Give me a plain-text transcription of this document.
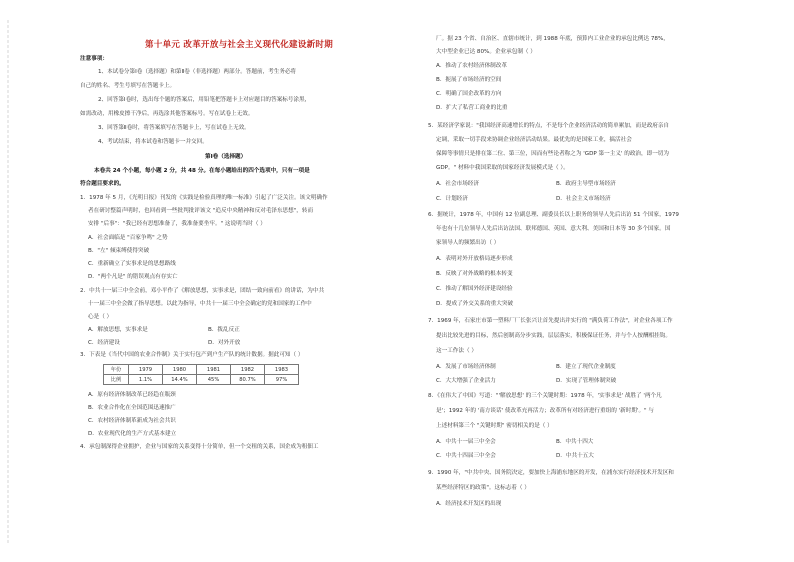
第十单元 改革开放与社会主义现代化建设新时期
注意事项：
1、本试卷分第Ⅰ卷（选择题）和第Ⅱ卷（非选择题）两部分。答题前，考生务必将
自己的姓名、考生号填写在答题卡上。
2、回答第Ⅰ卷时，选出每个题的答案后，用铅笔把答题卡上对应题目的答案标号涂黑，
如需改动，用橡皮擦干净后，再选涂其他答案标号。写在试卷上无效。
3、回答第Ⅱ卷时，将答案填写在答题卡上，写在试卷上无效。
4、考试结束，将本试卷和答题卡一并交回。
第Ⅰ卷（选择题）
本卷共 24 个小题，每小题 2 分，共 48 分。在每小题给出的四个选项中，只有一项是
符合题目要求的。
1．1978 年 5 月，《光明日报》刊发的《实践是检验真理的唯一标准》引起了广泛关注。该文明确作
者在研讨整篇声明时，也回看到一些批判批评该文 "追反中央精神和反对毛泽东思想"，转而
安排 "后事"："我已经有思想准备了，我准备要坐牢。" 这说明当时（ ）
A．社会面临是 "百家争鸣" 之势
B．"左" 倾束缚使得突破
C．重新确立了实事求是的思想路线
D．"两个凡是" 的错误观点有存实亡
2．中共十一届三中全会前，邓小平作了《解放思想，实事求是，团结一致向前看》的讲话，为中共
十一届三中全会做了指导思想。以此为指导，中共十一届三中全会确定的党和国家的工作中
心是（ ）
A．解放思想，实事求是	B．拨乱反正
C．经济建设	D．对外开放
3．下表是《当代中国的农业合作制》关于实行包产到户生产队的统计数据。据此可知（ ）
年份	1979	1980	1981	1982	1983
比例	1.1%	14.4%	45%	80.7%	97%
A．原有经济体制改革已经趋在瓶颈
B．农业合作化在全国范围迅速推广
C．农村经济体制革新成为社会共识
D．农业现代化的生产方式基本建立
4．承包制深得企业拥护，企业与国家的关系变得十分简单，但一个交租的关系，国企成为租佃工
厂。据 23 个省、自治区、直辖市统计，到 1988 年底，预算内工业企业的承包比例达 78%，
大中型企业已达 80%。企业承包制（ ）
A．推动了农村经济体制改革
B．扼展了市场经济的空间
C．明确了国企改革的方向
D．扩大了私营工商业的比重
5．某经济学家说："我国经济高速增长的特点，不是每个企业经济活动的简单累加，而是政府亲自
定调，采取一切手段来协调企业经济活动结果。最优先的是国家工业，搞活社会
保障等事情只是排在第二位、第三位，因而有些论者称之为 'GDP 第一主义' 的政治，即一切为
GDP。" 材料中我国采取的国家经济发展模式是（ ）。
A．社会市场经济	B．政府主导型市场经济
C．计划经济	D．社会主义市场经济
6．据统计，1978 年，中国有 12 位副总理、副委员长以上职务的领导人先后出访 51 个国家，1979
年也有十几位领导人先后出访法国、联邦德国、英国、意大利、美国和日本等 30 多个国家。国
家领导人的频繁出访（ ）
A．表明对外开放格局逐步形成
B．反映了对外战略的根本转变
C．推动了解国外经济建设经验
D．提成了外交关系的重大突破
7．1969 年，石家庄市第一塑料厂厂长张兴让首先提出并实行的 "满负荷工作法"，对企业各项工作
提出比较先进的目标，然后创制高分步实践，层层落实，积极保证任务，并与个人按酬相挂钩。
这一工作法（ ）
A．发展了市场经济体制	B．建立了现代企业制度
C．大大增强了企业活力	D．实现了管理体制突破
8．《在伟大了中国》写道："'解放思想' 的三个关键时期：1978 年，'实事求是' 战胜了 '两个凡
是'；1992 年的 '南方谈话' 使改革充再活力；改革所有对经济进行重组的 '新时期'。" 与
上述材料第三个 "关键时期" 密切相关的是（ ）
A．中共十一届三中全会	B．中共十四大
C．中共十四届三中全会	D．中共十五大
9．1990 年，"中共中央、国务院决定，要加快上海浦东地区的开发，在浦东实行经济技术开发区和
某些经济特区的政策"。这标志着（ ）
A．经济技术开发区的出现
